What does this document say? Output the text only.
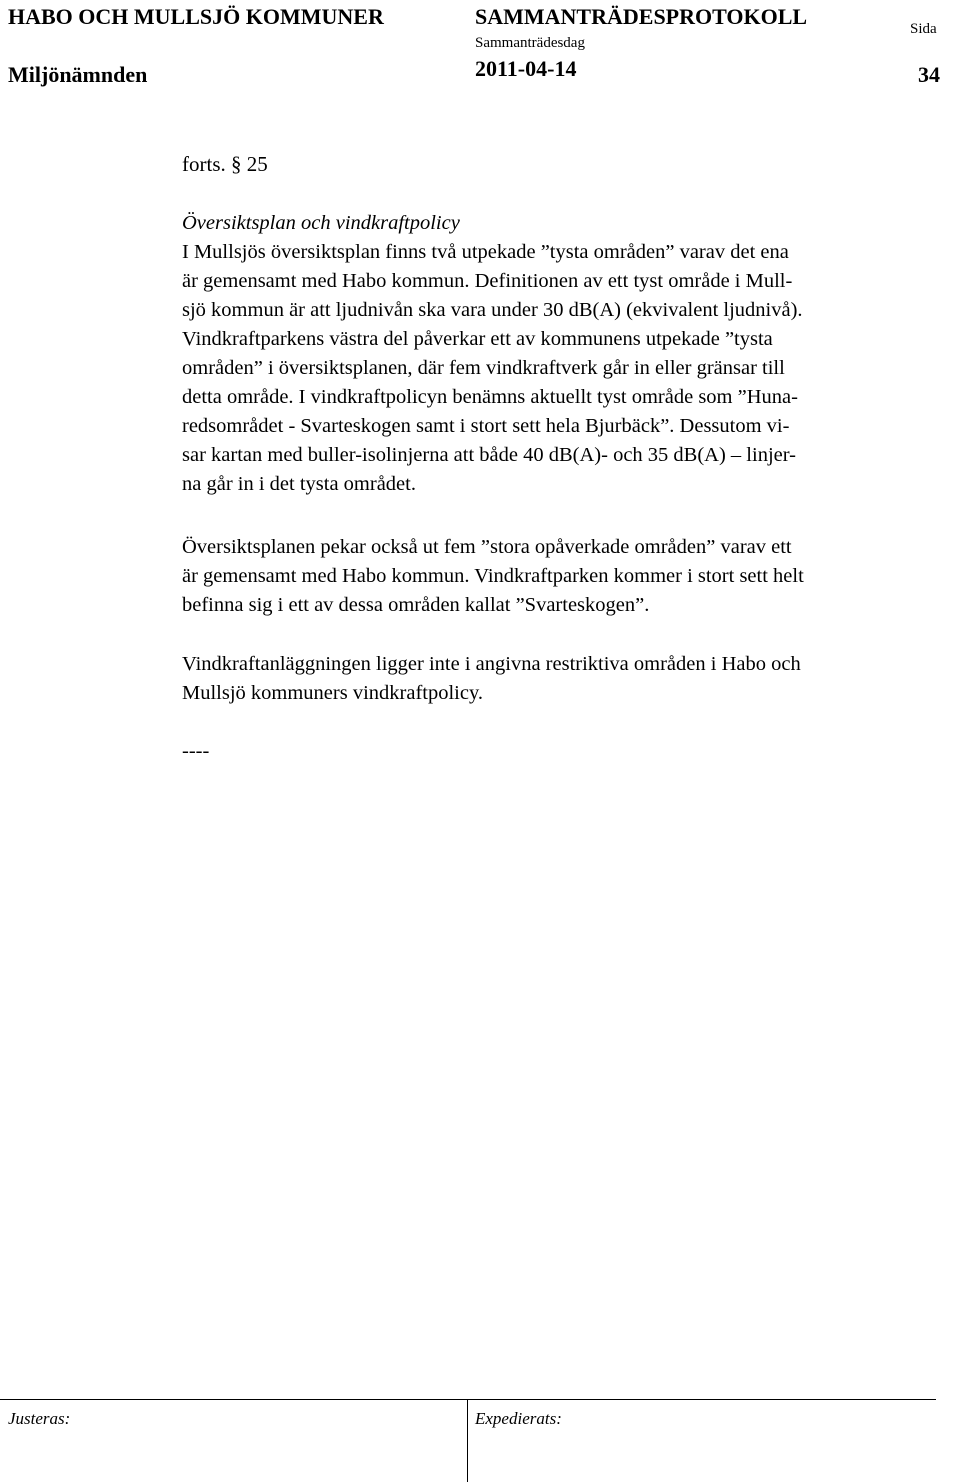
HABO OCH MULLSJÖ KOMMUNER
Miljönämnden
SAMMANTRÄDESPROTOKOLL
Sammanträdesdag
2011-04-14
Sida
34
forts. § 25
Översiktsplan och vindkraftpolicy
I Mullsjös översiktsplan finns två utpekade ”tysta områden” varav det ena
är gemensamt med Habo kommun. Definitionen av ett tyst område i Mull-
sjö kommun är att ljudnivån ska vara under 30 dB(A) (ekvivalent ljudnivå).
Vindkraftparkens västra del påverkar ett av kommunens utpekade ”tysta
områden” i översiktsplanen, där fem vindkraftverk går in eller gränsar till
detta område. I vindkraftpolicyn benämns aktuellt tyst område som ”Huna-
redsområdet - Svarteskogen samt i stort sett hela Bjurbäck”. Dessutom vi-
sar kartan med buller-isolinjerna att både 40 dB(A)- och 35 dB(A) – linjer-
na går in i det tysta området.
Översiktsplanen pekar också ut fem ”stora opåverkade områden” varav ett
är gemensamt med Habo kommun. Vindkraftparken kommer i stort sett helt
befinna sig i ett av dessa områden kallat ”Svarteskogen”.
Vindkraftanläggningen ligger inte i angivna restriktiva områden i Habo och
Mullsjö kommuners vindkraftpolicy.
----
Justeras:	Expedierats:
